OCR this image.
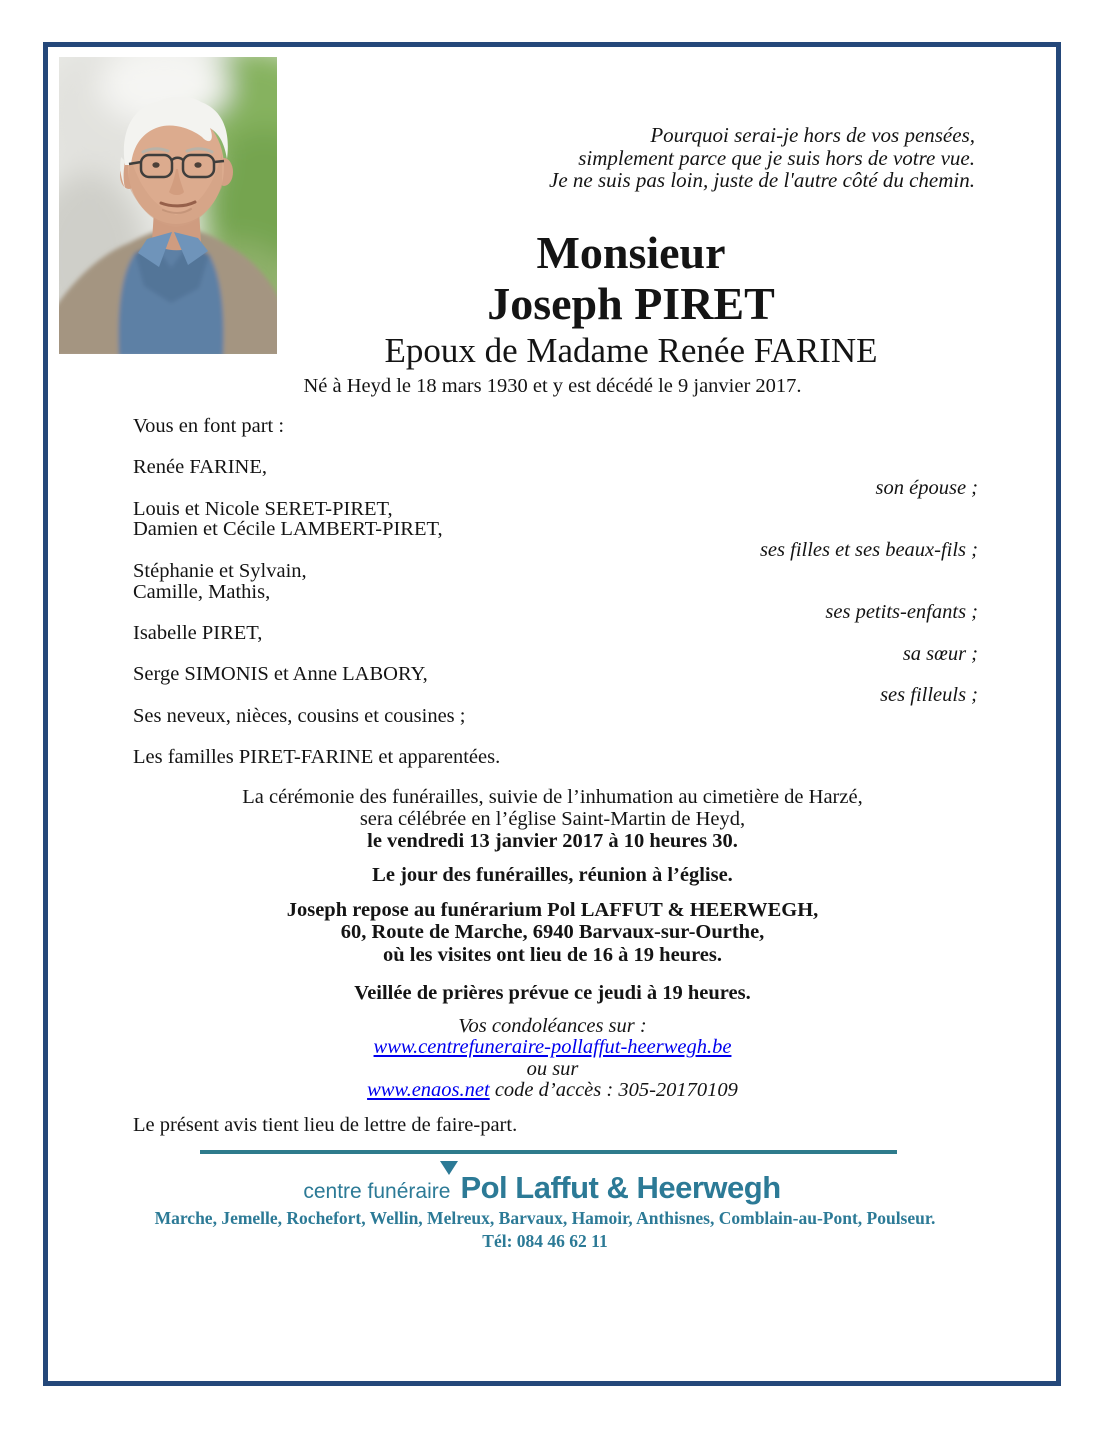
Pourquoi serai-je hors de vos pensées,
simplement parce que je suis hors de votre vue.
Je ne suis pas loin, juste de l'autre côté du chemin.
Monsieur
Joseph PIRET
Epoux de Madame Renée FARINE
Né à Heyd le 18 mars 1930 et y est décédé le 9 janvier 2017.
Vous en font part :
Renée FARINE,
son épouse ;
Louis et Nicole SERET-PIRET,
Damien et Cécile LAMBERT-PIRET,
ses filles et ses beaux-fils ;
Stéphanie et Sylvain,
Camille, Mathis,
ses petits-enfants ;
Isabelle PIRET,
sa sœur ;
Serge SIMONIS et Anne LABORY,
ses filleuls ;
Ses neveux, nièces, cousins et cousines ;
Les familles PIRET-FARINE et apparentées.
La cérémonie des funérailles, suivie de l’inhumation au cimetière de Harzé,
sera célébrée en l’église Saint-Martin de Heyd,
le vendredi 13 janvier 2017 à 10 heures 30.
Le jour des funérailles, réunion à l’église.
Joseph repose au funérarium Pol LAFFUT & HEERWEGH,
60, Route de Marche, 6940 Barvaux-sur-Ourthe,
où les visites ont lieu de 16 à 19 heures.
Veillée de prières prévue ce jeudi à 19 heures.
Vos condoléances sur :
www.centrefuneraire-pollaffut-heerwegh.be
ou sur
www.enaos.net code d’accès : 305-20170109
Le présent avis tient lieu de lettre de faire-part.
centre funéraire Pol Laffut & Heerwegh
Marche, Jemelle, Rochefort, Wellin, Melreux, Barvaux, Hamoir, Anthisnes, Comblain-au-Pont, Poulseur.
Tél: 084 46 62 11
